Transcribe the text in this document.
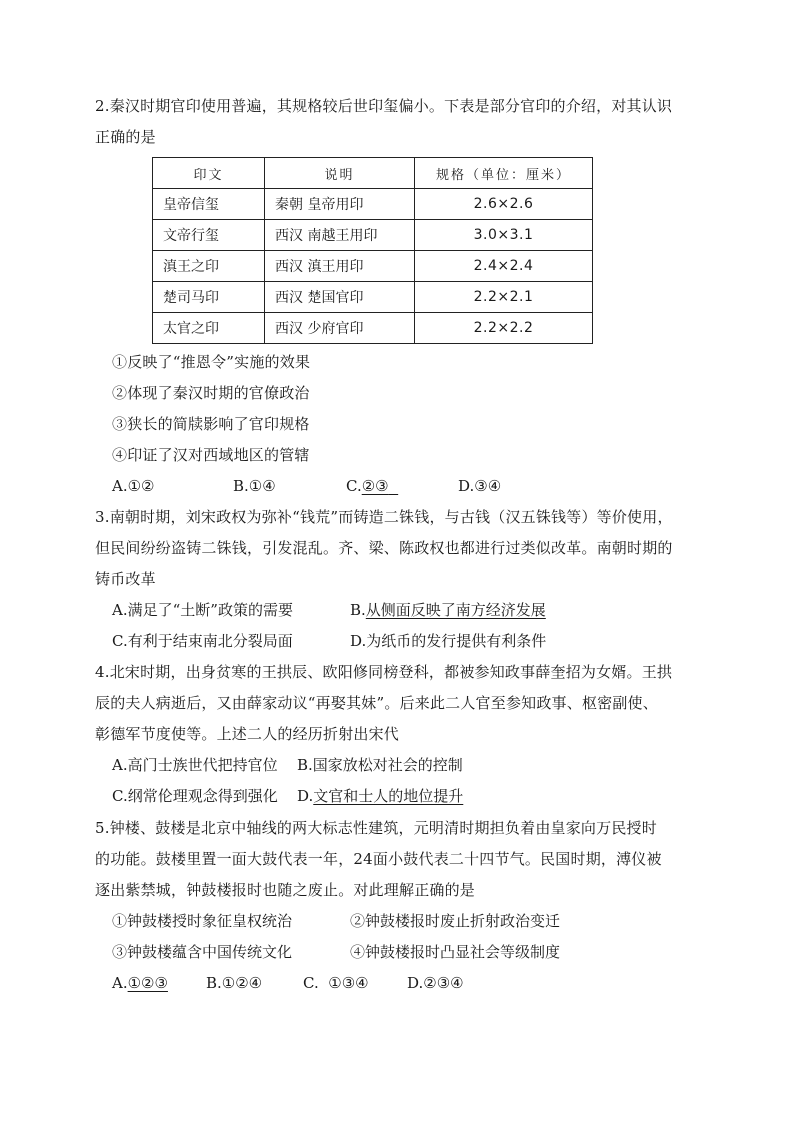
2.秦汉时期官印使用普遍，其规格较后世印玺偏小。下表是部分官印的介绍，对其认识
正确的是
印文	说明	规格（单位：厘米）
皇帝信玺	秦朝 皇帝用印	2.6×2.6
文帝行玺	西汉 南越王用印	3.0×3.1
滇王之印	西汉 滇王用印	2.4×2.4
楚司马印	西汉 楚国官印	2.2×2.1
太官之印	西汉 少府官印	2.2×2.2
①反映了“推恩令”实施的效果
②体现了秦汉时期的官僚政治
③狭长的简牍影响了官印规格
④印证了汉对西域地区的管辖
A.①②	B.①④	C.②③	D.③④
3.南朝时期，刘宋政权为弥补“钱荒”而铸造二铢钱，与古钱（汉五铢钱等）等价使用，
但民间纷纷盗铸二铢钱，引发混乱。齐、梁、陈政权也都进行过类似改革。南朝时期的
铸币改革
A.满足了“土断”政策的需要	B.从侧面反映了南方经济发展
C.有利于结束南北分裂局面	D.为纸币的发行提供有利条件
4.北宋时期，出身贫寒的王拱辰、欧阳修同榜登科，都被参知政事薛奎招为女婿。王拱
辰的夫人病逝后，又由薛家动议“再娶其妹”。后来此二人官至参知政事、枢密副使、
彰德军节度使等。上述二人的经历折射出宋代
A.高门士族世代把持官位 B.国家放松对社会的控制
C.纲常伦理观念得到强化 D.文官和士人的地位提升
5.钟楼、鼓楼是北京中轴线的两大标志性建筑，元明清时期担负着由皇家向万民授时
的功能。鼓楼里置一面大鼓代表一年，24面小鼓代表二十四节气。民国时期，溥仪被
逐出紫禁城，钟鼓楼报时也随之废止。对此理解正确的是
①钟鼓楼授时象征皇权统治	②钟鼓楼报时废止折射政治变迁
③钟鼓楼蕴含中国传统文化	④钟鼓楼报时凸显社会等级制度
A.①②③	B.①②④	C.  ①③④	D.②③④
